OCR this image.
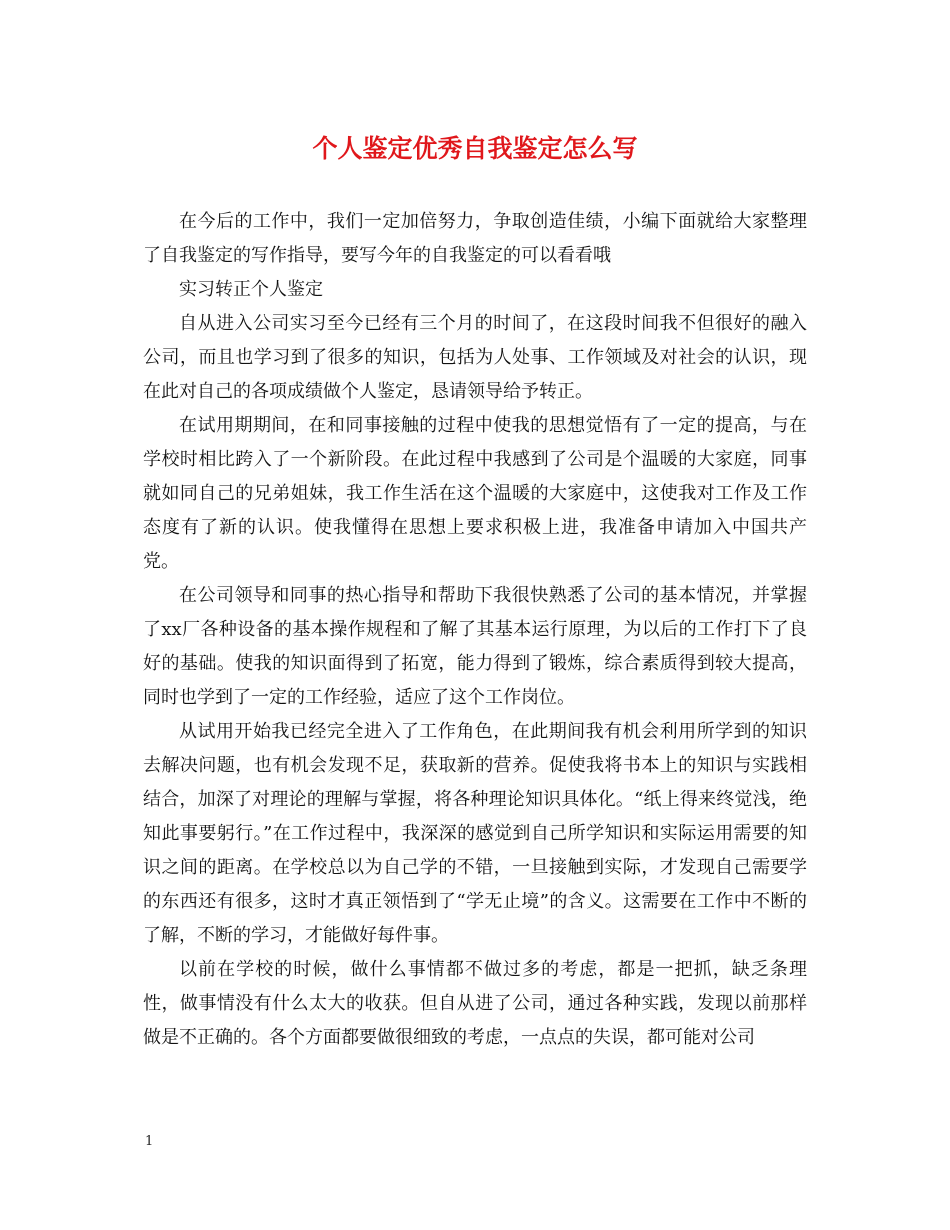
个人鉴定优秀自我鉴定怎么写

在今后的工作中，我们一定加倍努力，争取创造佳绩，小编下面就给大家整理了自我鉴定的写作指导，要写今年的自我鉴定的可以看看哦

实习转正个人鉴定

自从进入公司实习至今已经有三个月的时间了，在这段时间我不但很好的融入公司，而且也学习到了很多的知识，包括为人处事、工作领域及对社会的认识，现在此对自己的各项成绩做个人鉴定，恳请领导给予转正。

在试用期期间，在和同事接触的过程中使我的思想觉悟有了一定的提高，与在学校时相比跨入了一个新阶段。在此过程中我感到了公司是个温暖的大家庭，同事就如同自己的兄弟姐妹，我工作生活在这个温暖的大家庭中，这使我对工作及工作态度有了新的认识。使我懂得在思想上要求积极上进，我准备申请加入中国共产党。

在公司领导和同事的热心指导和帮助下我很快熟悉了公司的基本情况，并掌握了xx厂各种设备的基本操作规程和了解了其基本运行原理，为以后的工作打下了良好的基础。使我的知识面得到了拓宽，能力得到了锻炼，综合素质得到较大提高，同时也学到了一定的工作经验，适应了这个工作岗位。

从试用开始我已经完全进入了工作角色，在此期间我有机会利用所学到的知识去解决问题，也有机会发现不足，获取新的营养。促使我将书本上的知识与实践相结合，加深了对理论的理解与掌握，将各种理论知识具体化。“纸上得来终觉浅，绝知此事要躬行。”在工作过程中，我深深的感觉到自己所学知识和实际运用需要的知识之间的距离。在学校总以为自己学的不错，一旦接触到实际，才发现自己需要学的东西还有很多，这时才真正领悟到了“学无止境”的含义。这需要在工作中不断的了解，不断的学习，才能做好每件事。

以前在学校的时候，做什么事情都不做过多的考虑，都是一把抓，缺乏条理性，做事情没有什么太大的收获。但自从进了公司，通过各种实践，发现以前那样做是不正确的。各个方面都要做很细致的考虑，一点点的失误，都可能对公司

1
